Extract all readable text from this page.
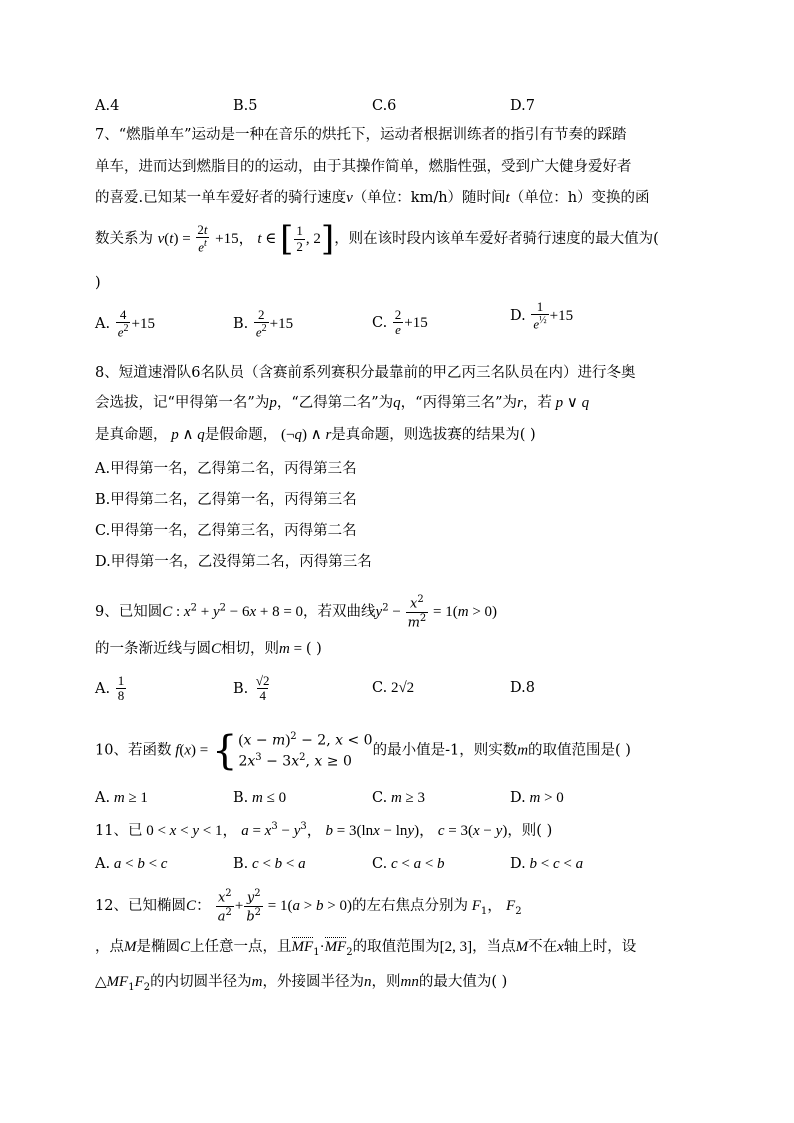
A.4	B.5	C.6	D.7
7、“燃脂单车”运动是一种在音乐的烘托下，运动者根据训练者的指引有节奏的踩踏
单车，进而达到燃脂目的的运动，由于其操作简单，燃脂性强，受到广大健身爱好者
的喜爱.已知某一单车爱好者的骑行速度v（单位：km/h）随时间t（单位：h）变换的函
数关系为 $v(t) = \frac{2t}{e^t} +15$， t ∈ [ $\frac{1}{2}$ , 2]，则在该时段内该单车爱好者骑行速度的最大值为(
)
A. $\frac{4}{e^2} +15$	B. $\frac{2}{e^2} +15$	C. $\frac{2}{e} +15$	D. $\frac{1}{e^{\frac{1}{2}}} +15$
8、短道速滑队6名队员（含赛前系列赛积分最靠前的甲乙丙三名队员在内）进行冬奥
会选拔，记“甲得第一名”为p，“乙得第二名”为q，“丙得第三名”为r，若 p ∨ q
是真命题， p ∧ q是假命题， (¬q) ∧ r是真命题，则选拔赛的结果为( )
A.甲得第一名，乙得第二名，丙得第三名
B.甲得第二名，乙得第一名，丙得第三名
C.甲得第一名，乙得第三名，丙得第二名
D.甲得第一名，乙没得第二名，丙得第三名
9、已知圆C : $x^2 + y^2 - 6x + 8 = 0$，若双曲线$y^2 - \frac{x^2}{m^2} = 1(m > 0)$
的一条渐近线与圆C相切，则m = ( )
A. $\frac{1}{8}$	B. $\frac{√2}{4}$	C. 2√2	D.8
10、若函数 f(x) = { $(x - m)^2 - 2$, x < 0
$2x^3 - 3x^2$, x ≥ 0
的最小值是-1，则实数m的取值范围是( )
A. m ≥ 1	B. m ≤ 0	C. m ≥ 3	D. m > 0
11、已 0 < x < y < 1， $a = x^3 - y^3$， b = 3(lnx − lny)， c = 3(x − y)，则( )
A. a < b < c	B. c < b < a	C. c < a < b	D. b < c < a
12、已知椭圆C： $\frac{x^2}{a^2} + \frac{y^2}{b^2} = 1(a > b > 0)$的左右焦点分别为 $F_1$， $F_2$
，点M是椭圆C上任意一点，且$MF_1\cdot MF_2$的取值范围为[2, 3]，当点M不在x轴上时，设
$\triangle MF_1F_2$的内切圆半径为m，外接圆半径为n，则mn的最大值为( )
